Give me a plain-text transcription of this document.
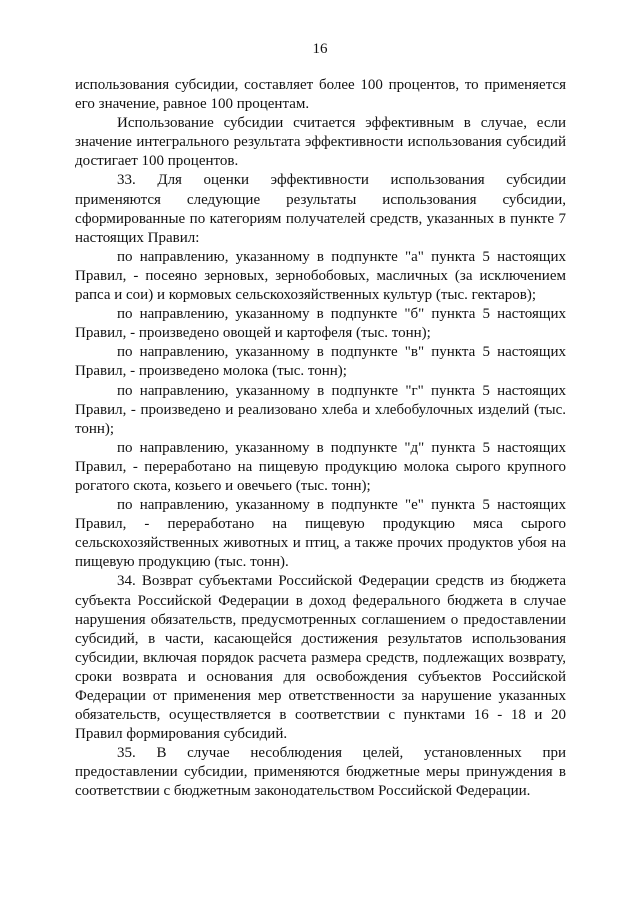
16

использования субсидии, составляет более 100 процентов, то применяется его значение, равное 100 процентам.

Использование субсидии считается эффективным в случае, если значение интегрального результата эффективности использования субсидий достигает 100 процентов.

33. Для оценки эффективности использования субсидии применяются следующие результаты использования субсидии, сформированные по категориям получателей средств, указанных в пункте 7 настоящих Правил:

по направлению, указанному в подпункте "а" пункта 5 настоящих Правил, - посеяно зерновых, зернобобовых, масличных (за исключением рапса и сои) и кормовых сельскохозяйственных культур (тыс. гектаров);

по направлению, указанному в подпункте "б" пункта 5 настоящих Правил, - произведено овощей и картофеля (тыс. тонн);

по направлению, указанному в подпункте "в" пункта 5 настоящих Правил, - произведено молока (тыс. тонн);

по направлению, указанному в подпункте "г" пункта 5 настоящих Правил, - произведено и реализовано хлеба и хлебобулочных изделий (тыс. тонн);

по направлению, указанному в подпункте "д" пункта 5 настоящих Правил, - переработано на пищевую продукцию молока сырого крупного рогатого скота, козьего и овечьего (тыс. тонн);

по направлению, указанному в подпункте "е" пункта 5 настоящих Правил, - переработано на пищевую продукцию мяса сырого сельскохозяйственных животных и птиц, а также прочих продуктов убоя на пищевую продукцию (тыс. тонн).

34. Возврат субъектами Российской Федерации средств из бюджета субъекта Российской Федерации в доход федерального бюджета в случае нарушения обязательств, предусмотренных соглашением о предоставлении субсидий, в части, касающейся достижения результатов использования субсидии, включая порядок расчета размера средств, подлежащих возврату, сроки возврата и основания для освобождения субъектов Российской Федерации от применения мер ответственности за нарушение указанных обязательств, осуществляется в соответствии с пунктами 16 - 18 и 20 Правил формирования субсидий.

35. В случае несоблюдения целей, установленных при предоставлении субсидии, применяются бюджетные меры принуждения в соответствии с бюджетным законодательством Российской Федерации.
